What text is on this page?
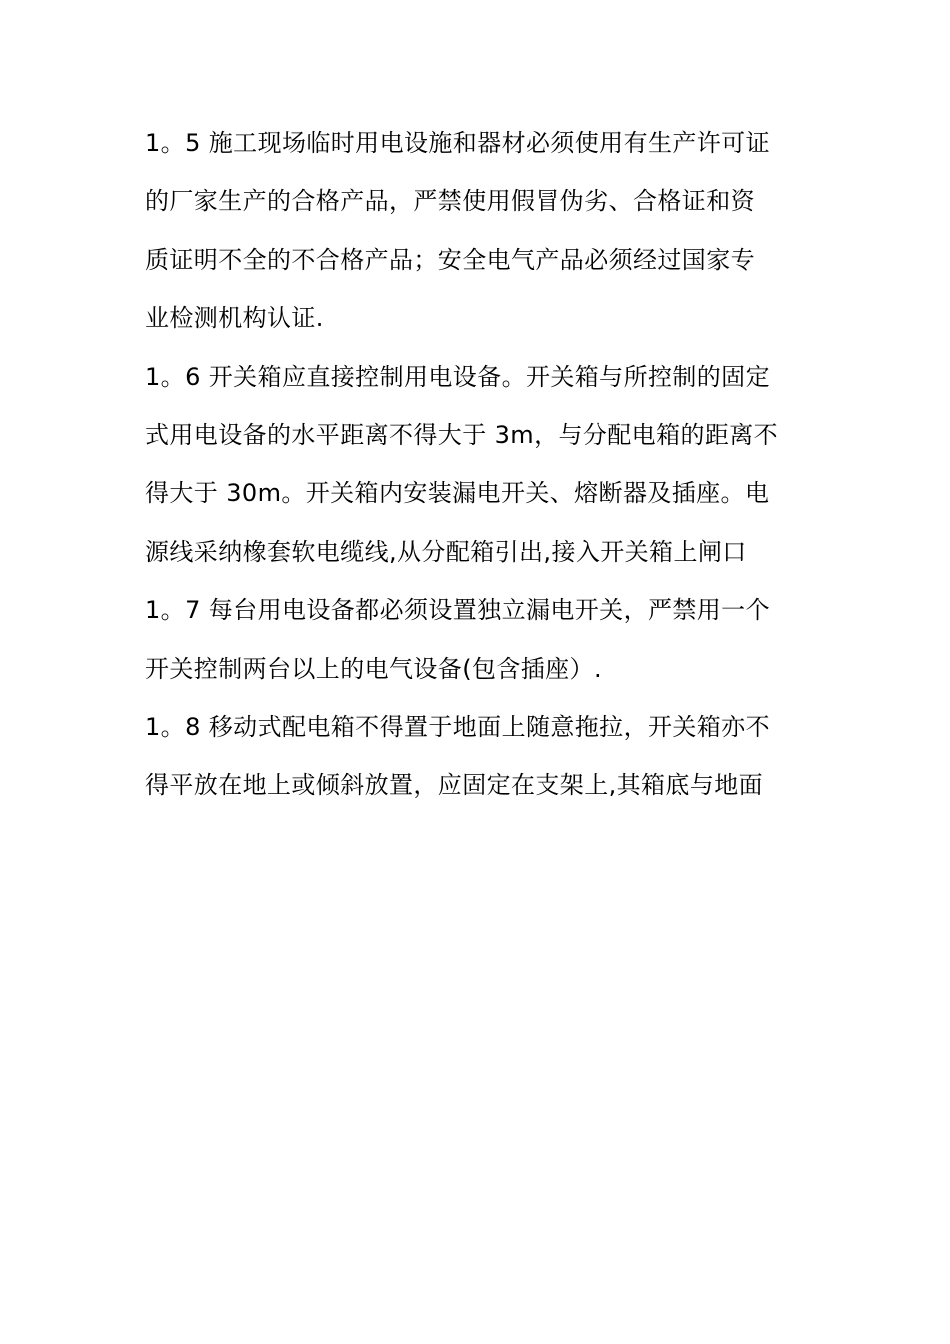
1。5 施工现场临时用电设施和器材必须使用有生产许可证
的厂家生产的合格产品，严禁使用假冒伪劣、合格证和资
质证明不全的不合格产品；安全电气产品必须经过国家专
业检测机构认证.
1。6 开关箱应直接控制用电设备。开关箱与所控制的固定
式用电设备的水平距离不得大于 3m，与分配电箱的距离不
得大于 30m。开关箱内安装漏电开关、熔断器及插座。电
源线采纳橡套软电缆线,从分配箱引出,接入开关箱上闸口
1。7 每台用电设备都必须设置独立漏电开关，严禁用一个
开关控制两台以上的电气设备(包含插座）.
1。8 移动式配电箱不得置于地面上随意拖拉，开关箱亦不
得平放在地上或倾斜放置，应固定在支架上,其箱底与地面
